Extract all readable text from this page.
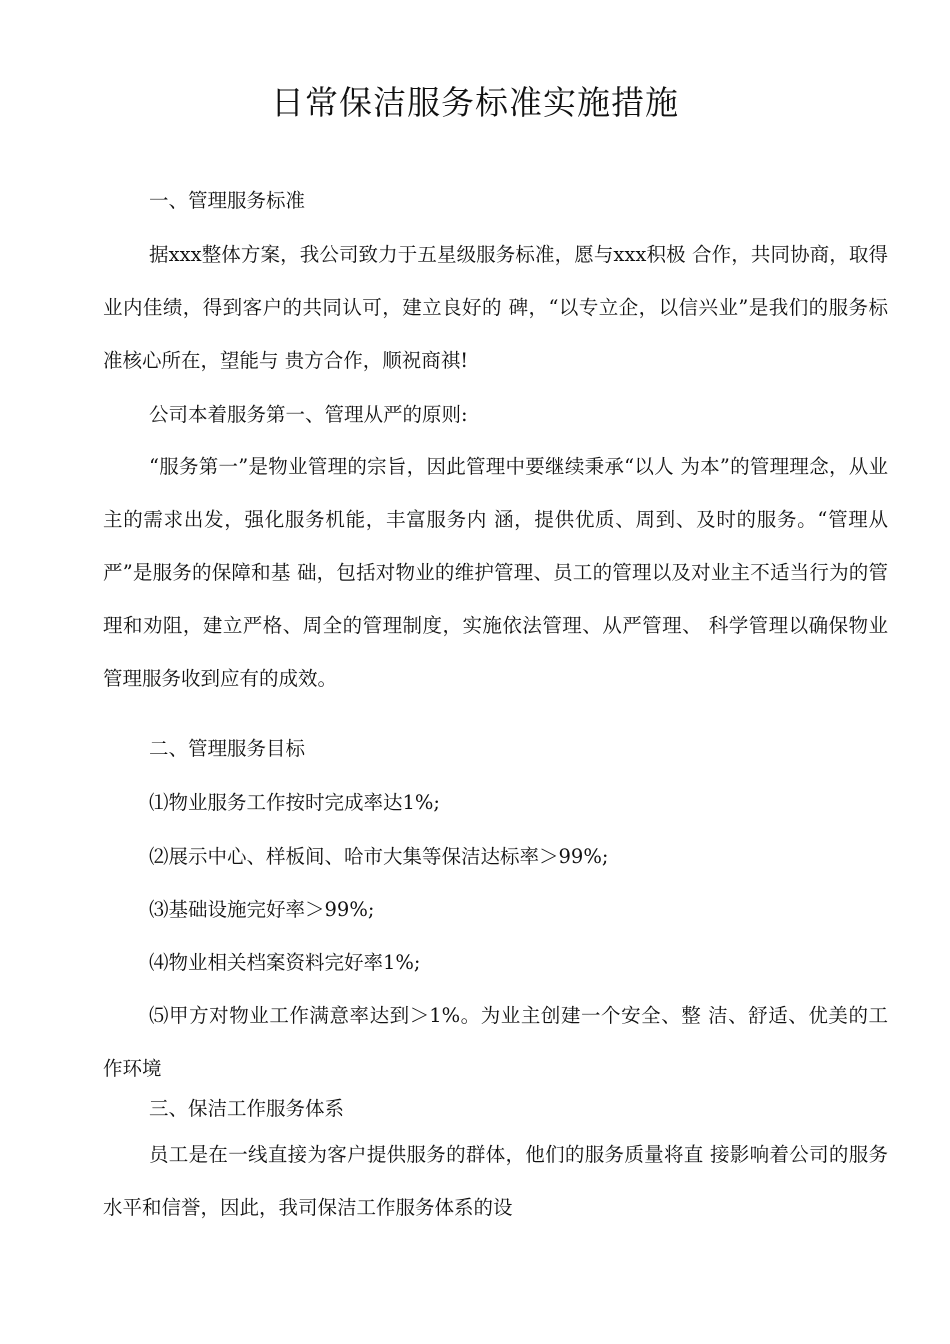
日常保洁服务标准实施措施

一、管理服务标准

据xxx整体方案，我公司致力于五星级服务标准，愿与xxx积极 合作，共同协商，取得业内佳绩，得到客户的共同认可，建立良好的 碑，“以专立企，以信兴业”是我们的服务标准核心所在，望能与 贵方合作，顺祝商祺!

公司本着服务第一、管理从严的原则:

“服务第一”是物业管理的宗旨，因此管理中要继续秉承“以人 为本”的管理理念，从业主的需求出发，强化服务机能，丰富服务内 涵，提供优质、周到、及时的服务。“管理从严”是服务的保障和基 础，包括对物业的维护管理、员工的管理以及对业主不适当行为的管 理和劝阻，建立严格、周全的管理制度，实施依法管理、从严管理、 科学管理以确保物业管理服务收到应有的成效。

二、管理服务目标

⑴物业服务工作按时完成率达1%;

⑵展示中心、样板间、哈市大集等保洁达标率＞99%;

⑶基础设施完好率＞99%;

⑷物业相关档案资料完好率1%;

⑸甲方对物业工作满意率达到＞1%。为业主创建一个安全、整 洁、舒适、优美的工作环境

三、保洁工作服务体系

员工是在一线直接为客户提供服务的群体，他们的服务质量将直 接影响着公司的服务水平和信誉，因此，我司保洁工作服务体系的设
